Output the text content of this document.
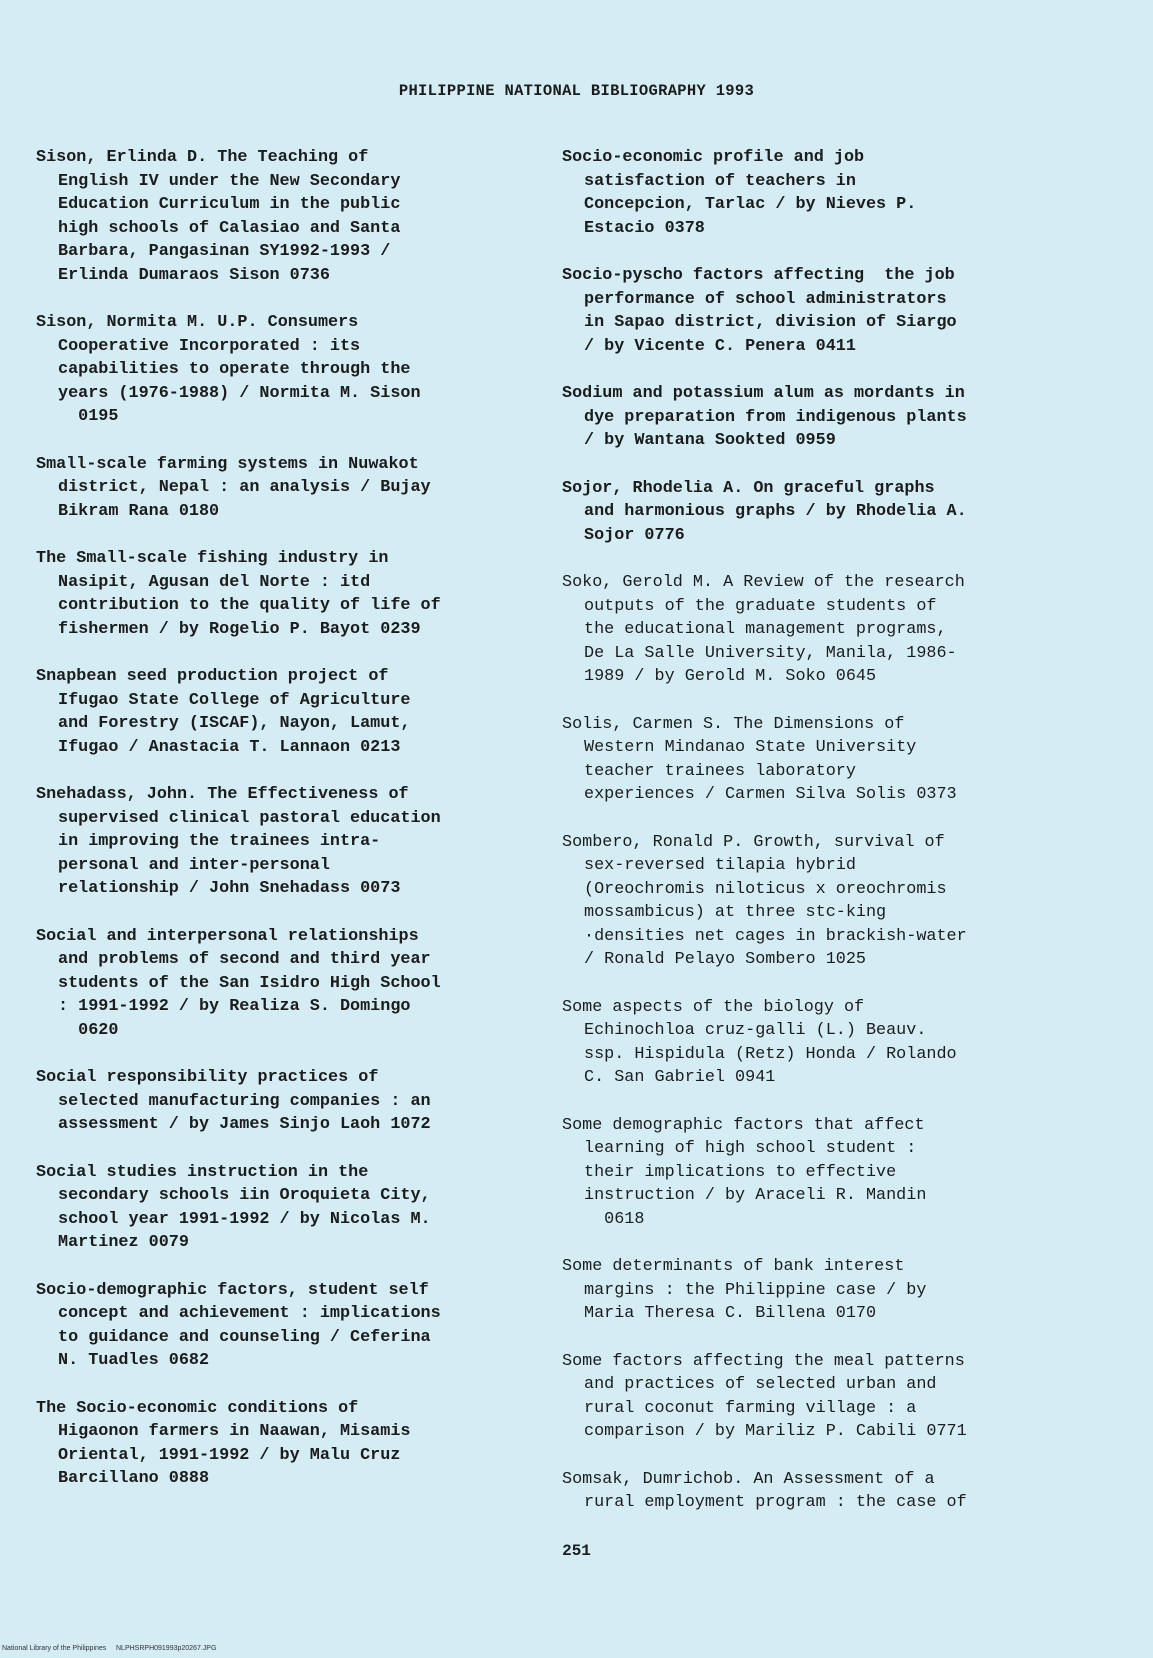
PHILIPPINE NATIONAL BIBLIOGRAPHY 1993
Sison, Erlinda D. The Teaching of
English IV under the New Secondary
Education Curriculum in the public
high schools of Calasiao and Santa
Barbara, Pangasinan SY1992-1993 /
Erlinda Dumaraos Sison 0736
Sison, Normita M. U.P. Consumers
Cooperative Incorporated : its
capabilities to operate through the
years (1976-1988) / Normita M. Sison
0195
Small-scale farming systems in Nuwakot
district, Nepal : an analysis / Bujay
Bikram Rana 0180
The Small-scale fishing industry in
Nasipit, Agusan del Norte : itd
contribution to the quality of life of
fishermen / by Rogelio P. Bayot 0239
Snapbean seed production project of
Ifugao State College of Agriculture
and Forestry (ISCAF), Nayon, Lamut,
Ifugao / Anastacia T. Lannaon 0213
Snehadass, John. The Effectiveness of
supervised clinical pastoral education
in improving the trainees intra-
personal and inter-personal
relationship / John Snehadass 0073
Social and interpersonal relationships
and problems of second and third year
students of the San Isidro High School
: 1991-1992 / by Realiza S. Domingo
0620
Social responsibility practices of
selected manufacturing companies : an
assessment / by James Sinjo Laoh 1072
Social studies instruction in the
secondary schools iin Oroquieta City,
school year 1991-1992 / by Nicolas M.
Martinez 0079
Socio-demographic factors, student self
concept and achievement : implications
to guidance and counseling / Ceferina
N. Tuadles 0682
The Socio-economic conditions of
Higaonon farmers in Naawan, Misamis
Oriental, 1991-1992 / by Malu Cruz
Barcillano 0888
Socio-economic profile and job
satisfaction of teachers in
Concepcion, Tarlac / by Nieves P.
Estacio 0378
Socio-pyscho factors affecting  the job
performance of school administrators
in Sapao district, division of Siargo
/ by Vicente C. Penera 0411
Sodium and potassium alum as mordants in
dye preparation from indigenous plants
/ by Wantana Sookted 0959
Sojor, Rhodelia A. On graceful graphs
and harmonious graphs / by Rhodelia A.
Sojor 0776
Soko, Gerold M. A Review of the research
outputs of the graduate students of
the educational management programs,
De La Salle University, Manila, 1986-
1989 / by Gerold M. Soko 0645
Solis, Carmen S. The Dimensions of
Western Mindanao State University
teacher trainees laboratory
experiences / Carmen Silva Solis 0373
Sombero, Ronald P. Growth, survival of
sex-reversed tilapia hybrid
(Oreochromis niloticus x oreochromis
mossambicus) at three stc-king
·densities net cages in brackish-water
/ Ronald Pelayo Sombero 1025
Some aspects of the biology of
Echinochloa cruz-galli (L.) Beauv.
ssp. Hispidula (Retz) Honda / Rolando
C. San Gabriel 0941
Some demographic factors that affect
learning of high school student :
their implications to effective
instruction / by Araceli R. Mandin
0618
Some determinants of bank interest
margins : the Philippine case / by
Maria Theresa C. Billena 0170
Some factors affecting the meal patterns
and practices of selected urban and
rural coconut farming village : a
comparison / by Mariliz P. Cabili 0771
Somsak, Dumrichob. An Assessment of a
rural employment program : the case of
251
National Library of the Philippines     NLPHSRPH091993p20267.JPG
